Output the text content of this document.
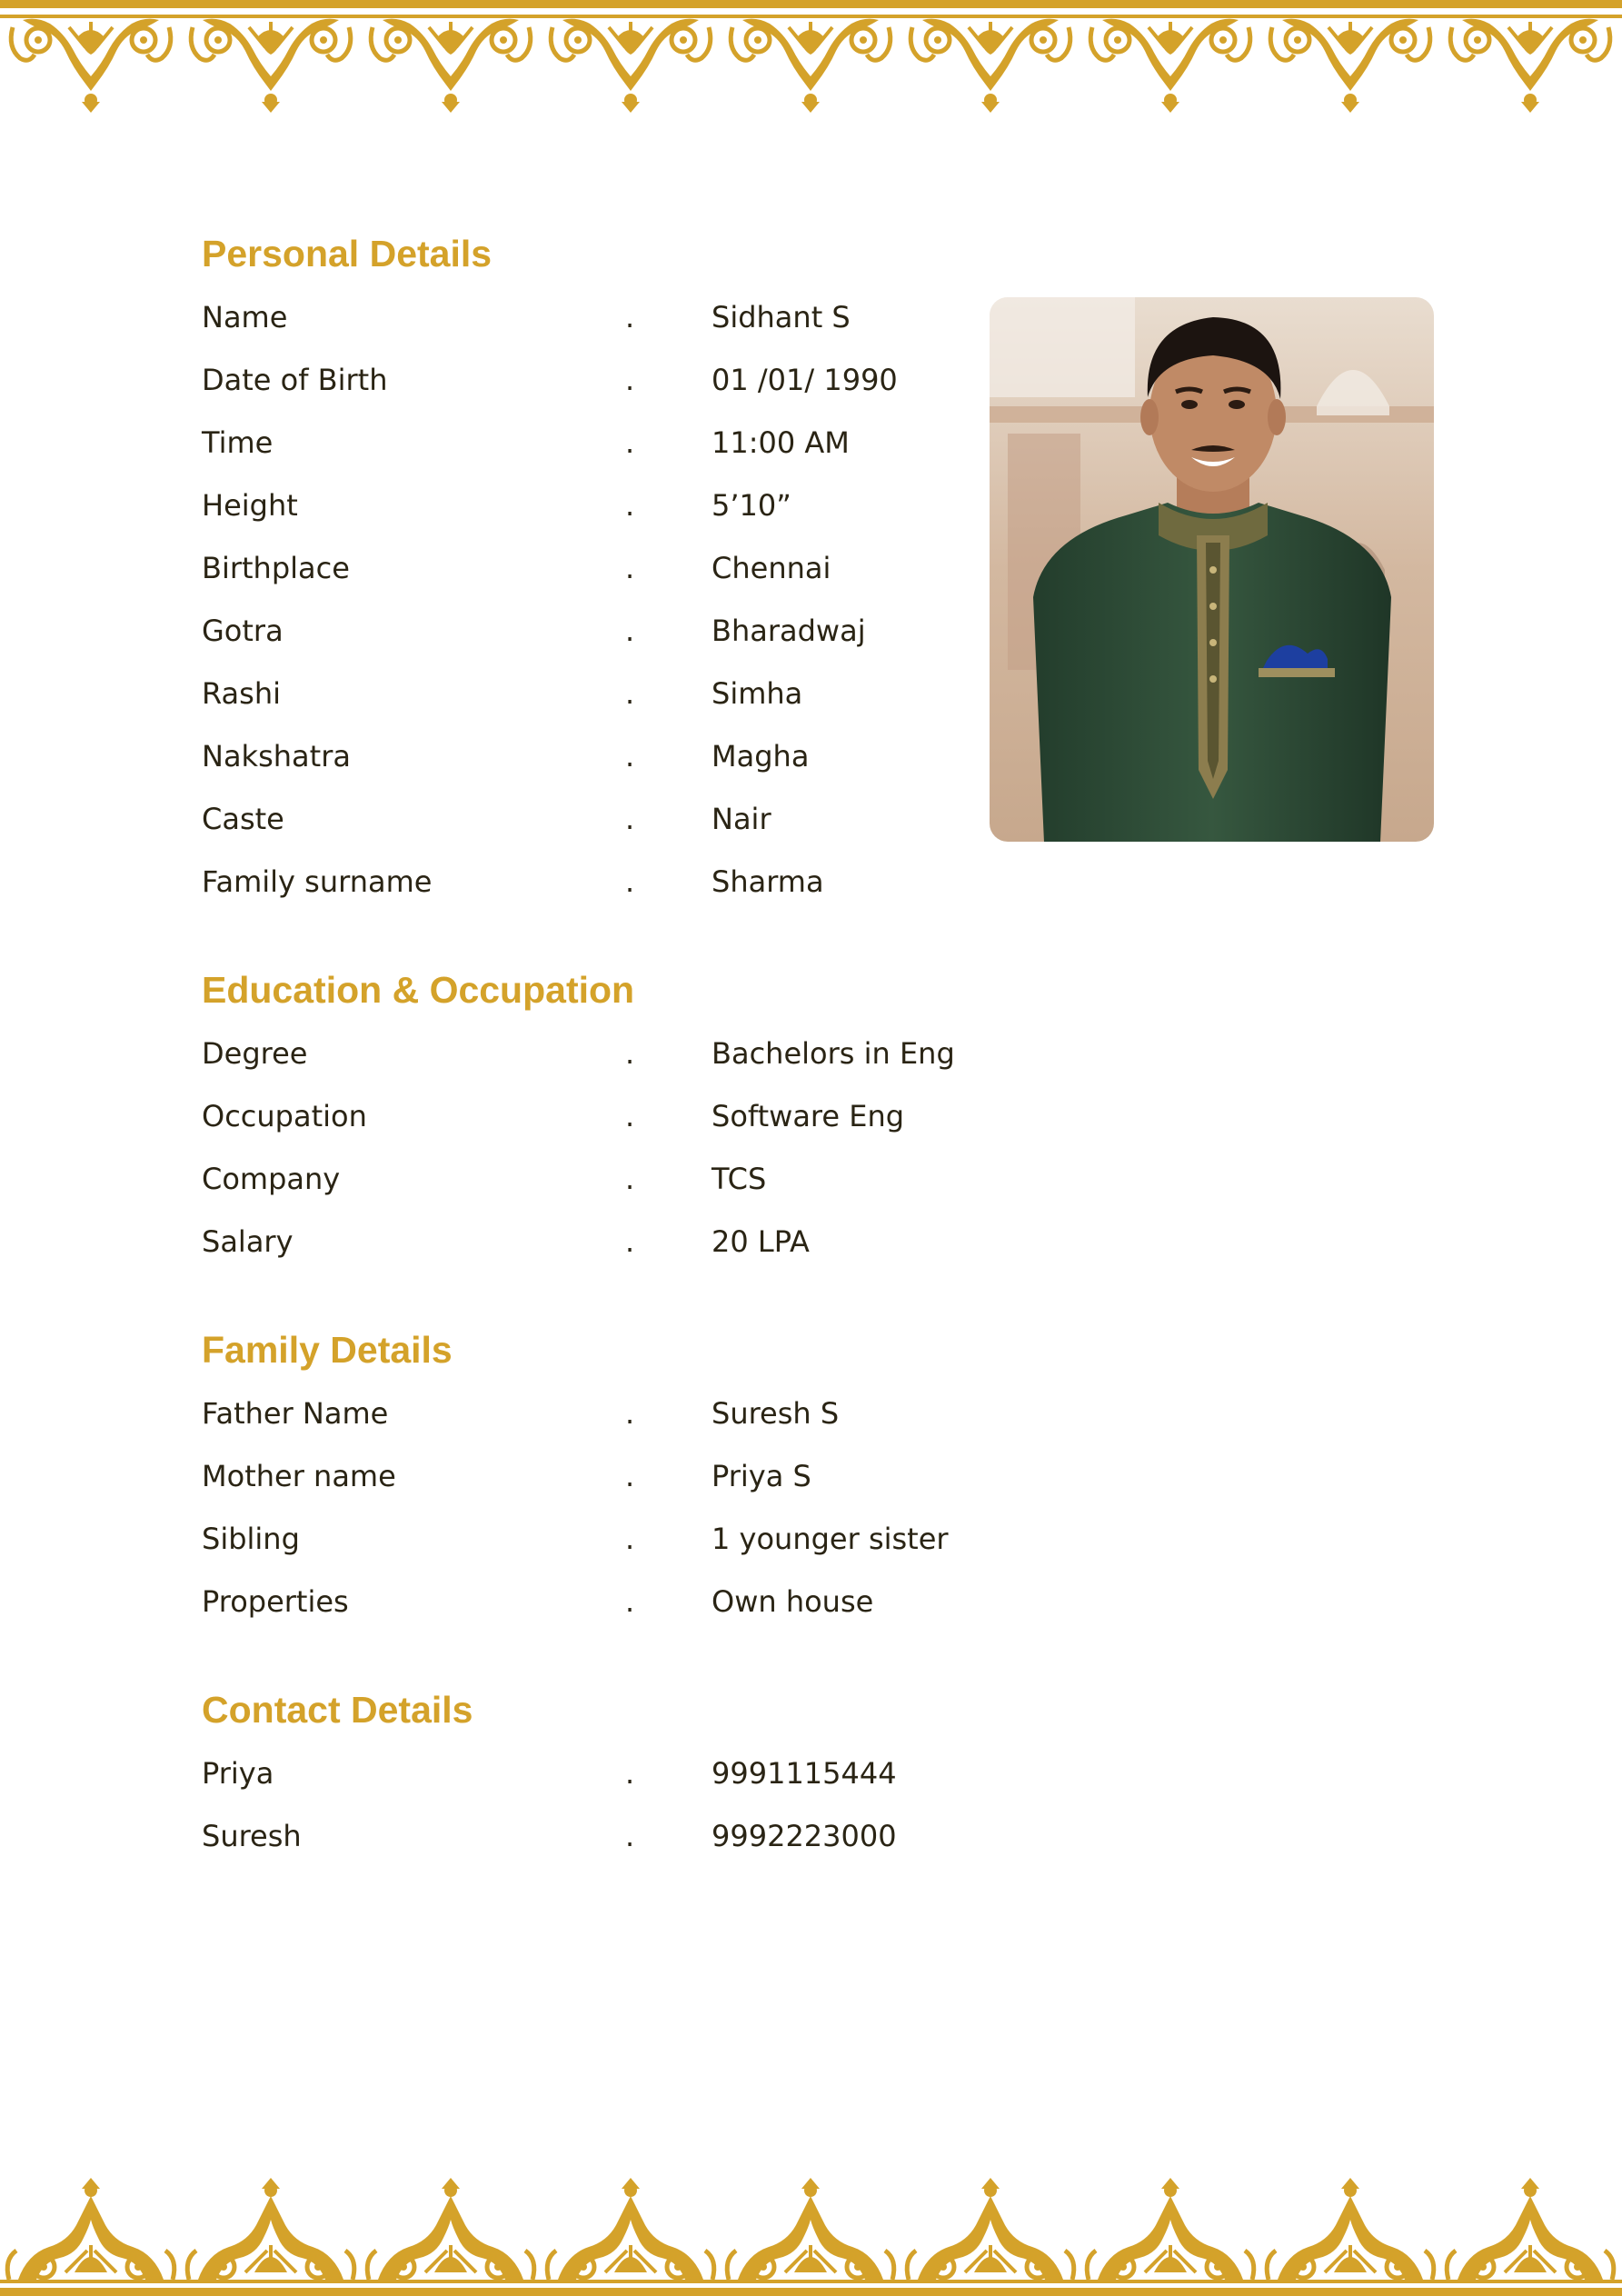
Personal Details
Name	.	Sidhant S
Date of Birth	.	01 /01/ 1990
Time	.	11:00 AM
Height	.	5’10”
Birthplace	.	Chennai
Gotra	.	Bharadwaj
Rashi	.	Simha
Nakshatra	.	Magha
Caste	.	Nair
Family surname	.	Sharma
Education & Occupation
Degree	.	Bachelors in Eng
Occupation	.	Software Eng
Company	.	TCS
Salary	.	20 LPA
Family Details
Father Name	.	Suresh S
Mother name	.	Priya S
Sibling	.	1 younger sister
Properties	.	Own house
Contact Details
Priya	.	9991115444
Suresh	.	9992223000
